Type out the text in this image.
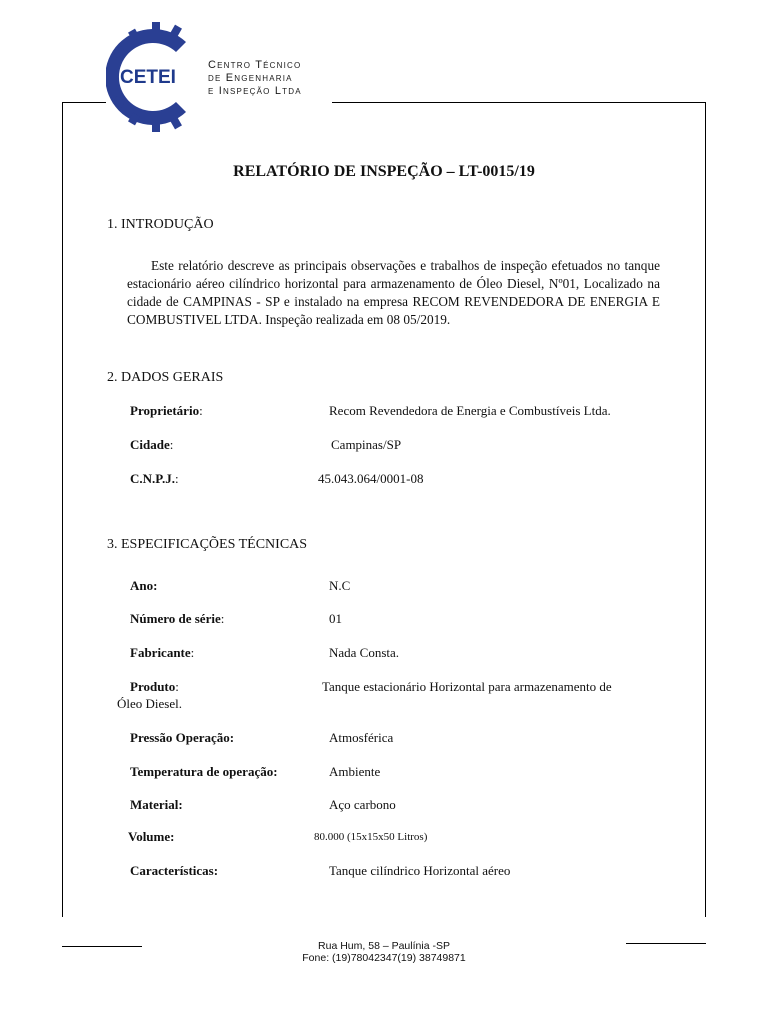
CETEI
Centro Técnico
de Engenharia
e Inspeção Ltda
RELATÓRIO DE INSPEÇÃO – LT-0015/19
1. INTRODUÇÃO
Este relatório descreve as principais observações e trabalhos de inspeção efetuados no tanque estacionário aéreo cilíndrico horizontal para armazenamento de Óleo Diesel, Nº01, Localizado na cidade de CAMPINAS - SP e instalado na empresa RECOM REVENDEDORA DE ENERGIA E COMBUSTIVEL LTDA. Inspeção realizada em 08 05/2019.
2. DADOS GERAIS
Proprietário:	Recom Revendedora de Energia e Combustíveis Ltda.
Cidade:	Campinas/SP
C.N.P.J.:	45.043.064/0001-08
3. ESPECIFICAÇÕES TÉCNICAS
Ano:	N.C
Número de série:	01
Fabricante:	Nada Consta.
Produto:	Tanque estacionário Horizontal para armazenamento de
Óleo Diesel.
Pressão Operação:	Atmosférica
Temperatura de operação:	Ambiente
Material:	Aço carbono
Volume:	80.000 (15x15x50 Litros)
Características:	Tanque cilíndrico Horizontal aéreo
Rua Hum, 58 – Paulínia -SP
Fone: (19)78042347(19) 38749871
